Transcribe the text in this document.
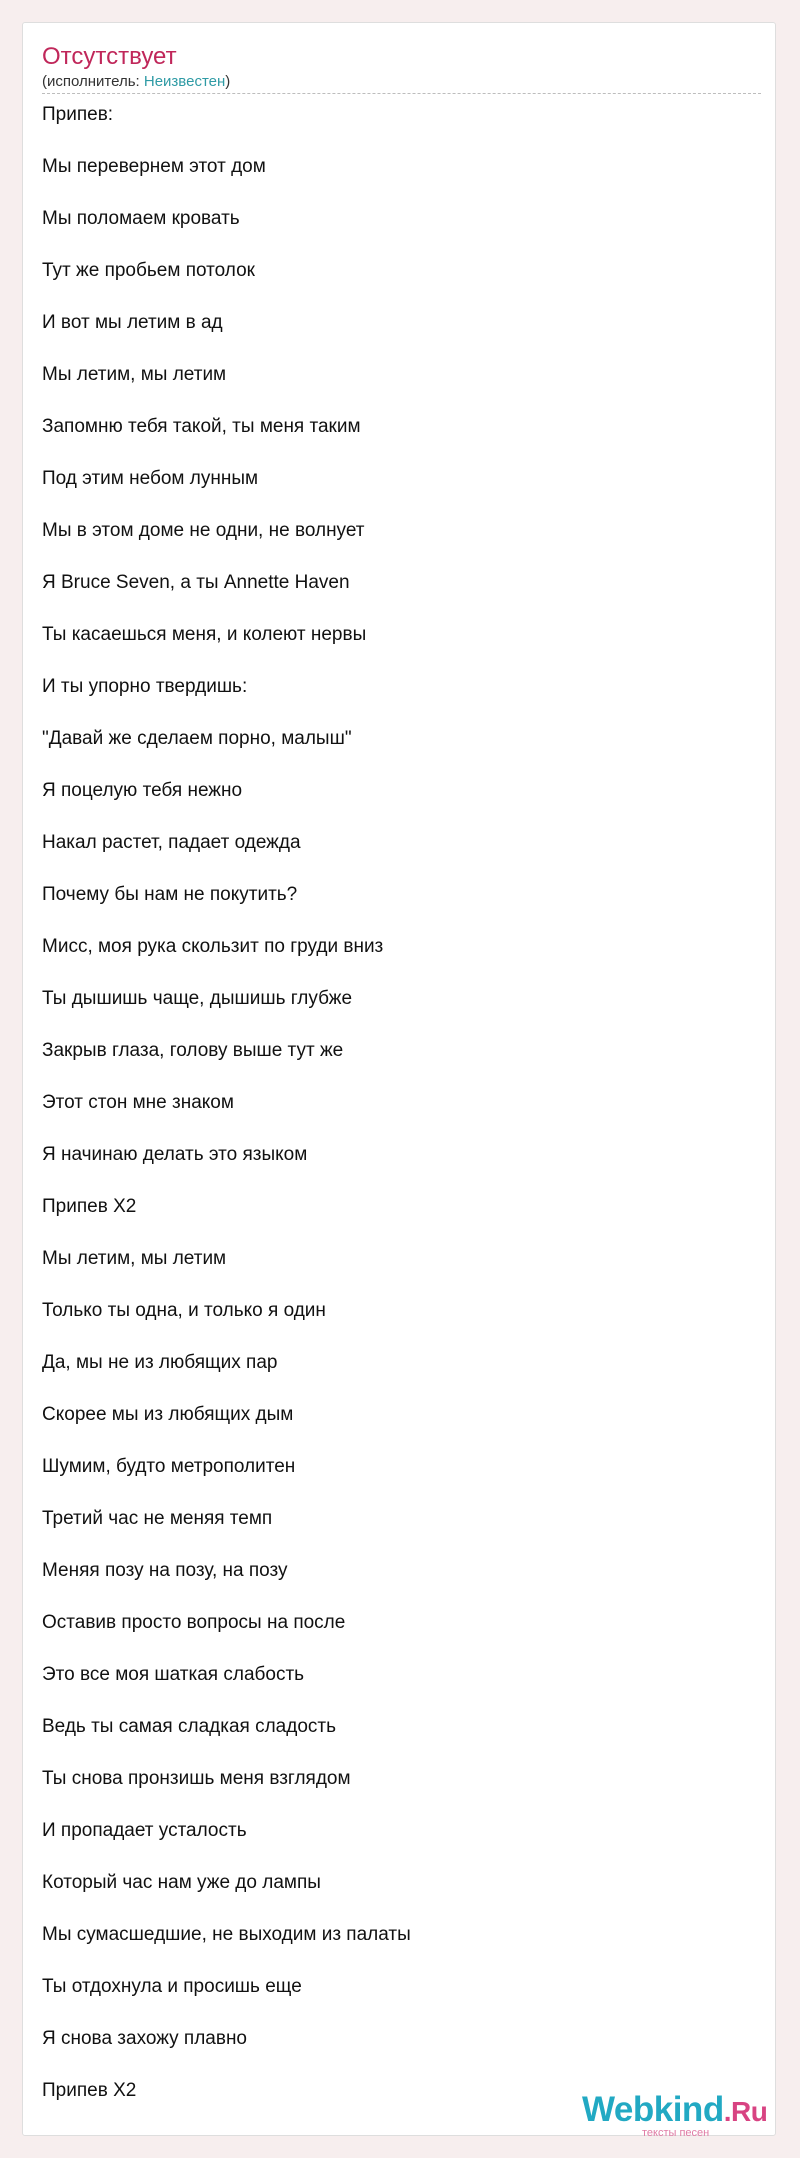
Отсутствует
(исполнитель: Неизвестен)
Припев:
Мы перевернем этот дом
Мы поломаем кровать
Тут же пробьем потолок
И вот мы летим в ад
Мы летим, мы летим
Запомню тебя такой, ты меня таким
Под этим небом лунным
Мы в этом доме не одни, не волнует
Я Bruce Seven, а ты Annette Haven
Ты касаешься меня, и колеют нервы
И ты упорно твердишь:
"Давай же сделаем порно, малыш"
Я поцелую тебя нежно
Накал растет, падает одежда
Почему бы нам не покутить?
Мисс, моя рука скользит по груди вниз
Ты дышишь чаще, дышишь глубже
Закрыв глаза, голову выше тут же
Этот стон мне знаком
Я начинаю делать это языком
Припев Х2
Мы летим, мы летим
Только ты одна, и только я один
Да, мы не из любящих пар
Скорее мы из любящих дым
Шумим, будто метрополитен
Третий час не меняя темп
Меняя позу на позу, на позу
Оставив просто вопросы на после
Это все моя шаткая слабость
Ведь ты самая сладкая сладость
Ты снова пронзишь меня взглядом
И пропадает усталость
Который час нам уже до лампы
Мы сумасшедшие, не выходим из палаты
Ты отдохнула и просишь еще
Я снова захожу плавно
Припев Х2	Webkind.Ru
тексты песен
